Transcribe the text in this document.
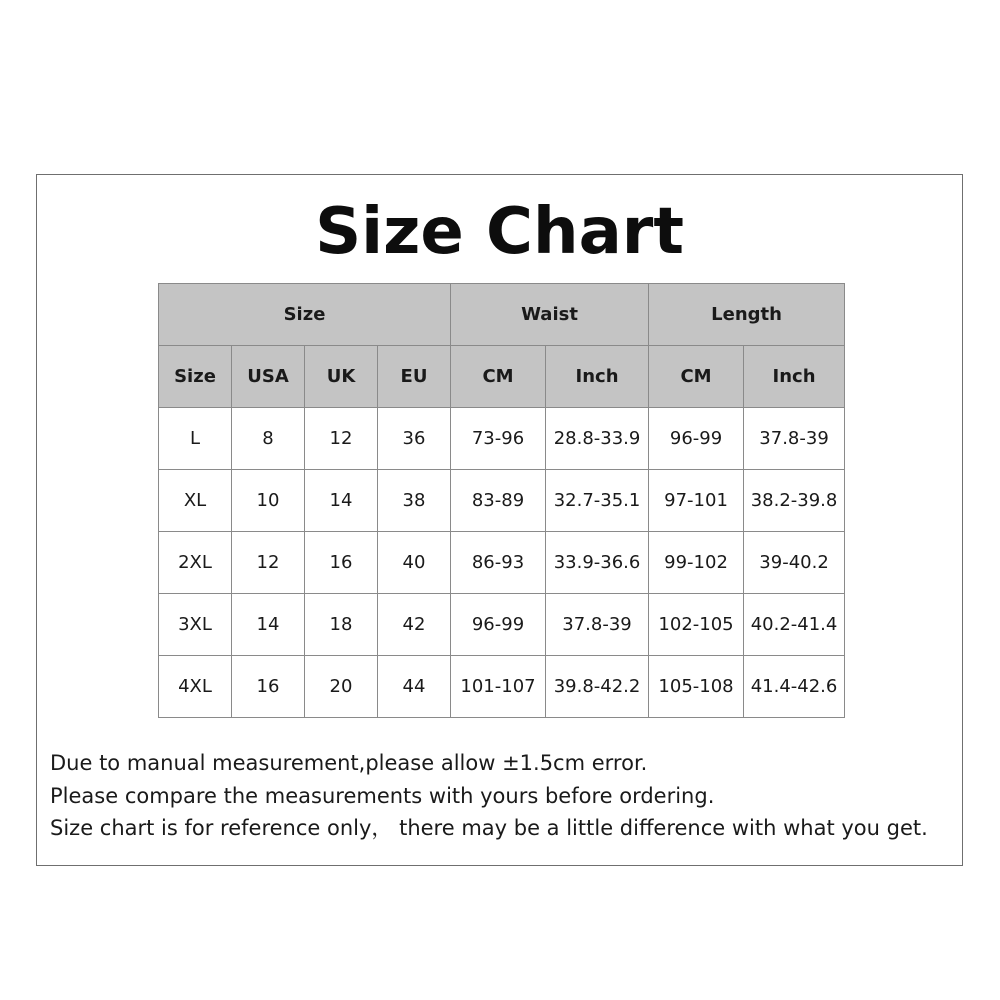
Size Chart
Size				Waist		Length	
Size	USA	UK	EU	CM	Inch	CM	Inch
L	8	12	36	73-96	28.8-33.9	96-99	37.8-39
XL	10	14	38	83-89	32.7-35.1	97-101	38.2-39.8
2XL	12	16	40	86-93	33.9-36.6	99-102	39-40.2
3XL	14	18	42	96-99	37.8-39	102-105	40.2-41.4
4XL	16	20	44	101-107	39.8-42.2	105-108	41.4-42.6
Due to manual measurement,please allow ±1.5cm error.
Please compare the measurements with yours before ordering.
Size chart is for reference only， there may be a little difference with what you get.
